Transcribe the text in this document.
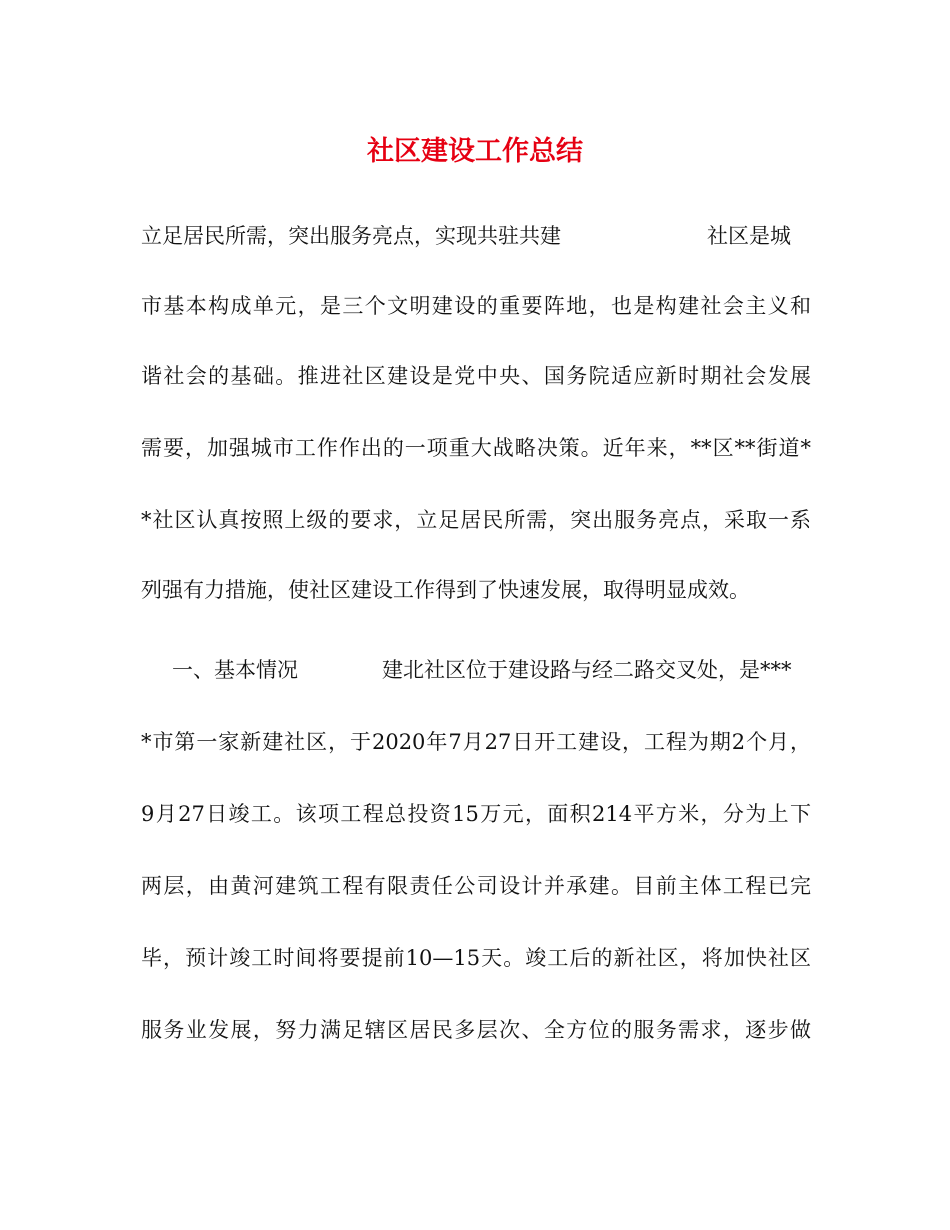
社区建设工作总结
立足居民所需，突出服务亮点，实现共驻共建	社区是城
市基本构成单元，是三个文明建设的重要阵地，也是构建社会主义和
谐社会的基础。推进社区建设是党中央、国务院适应新时期社会发展
需要，加强城市工作作出的一项重大战略决策。近年来，**区**街道*
*社区认真按照上级的要求，立足居民所需，突出服务亮点，采取一系
列强有力措施，使社区建设工作得到了快速发展，取得明显成效。
一、基本情况	建北社区位于建设路与经二路交叉处，是***
*市第一家新建社区，于2020年7月27日开工建设，工程为期2个月，
9月27日竣工。该项工程总投资15万元，面积214平方米，分为上下
两层，由黄河建筑工程有限责任公司设计并承建。目前主体工程已完
毕，预计竣工时间将要提前10—15天。竣工后的新社区，将加快社区
服务业发展，努力满足辖区居民多层次、全方位的服务需求，逐步做
